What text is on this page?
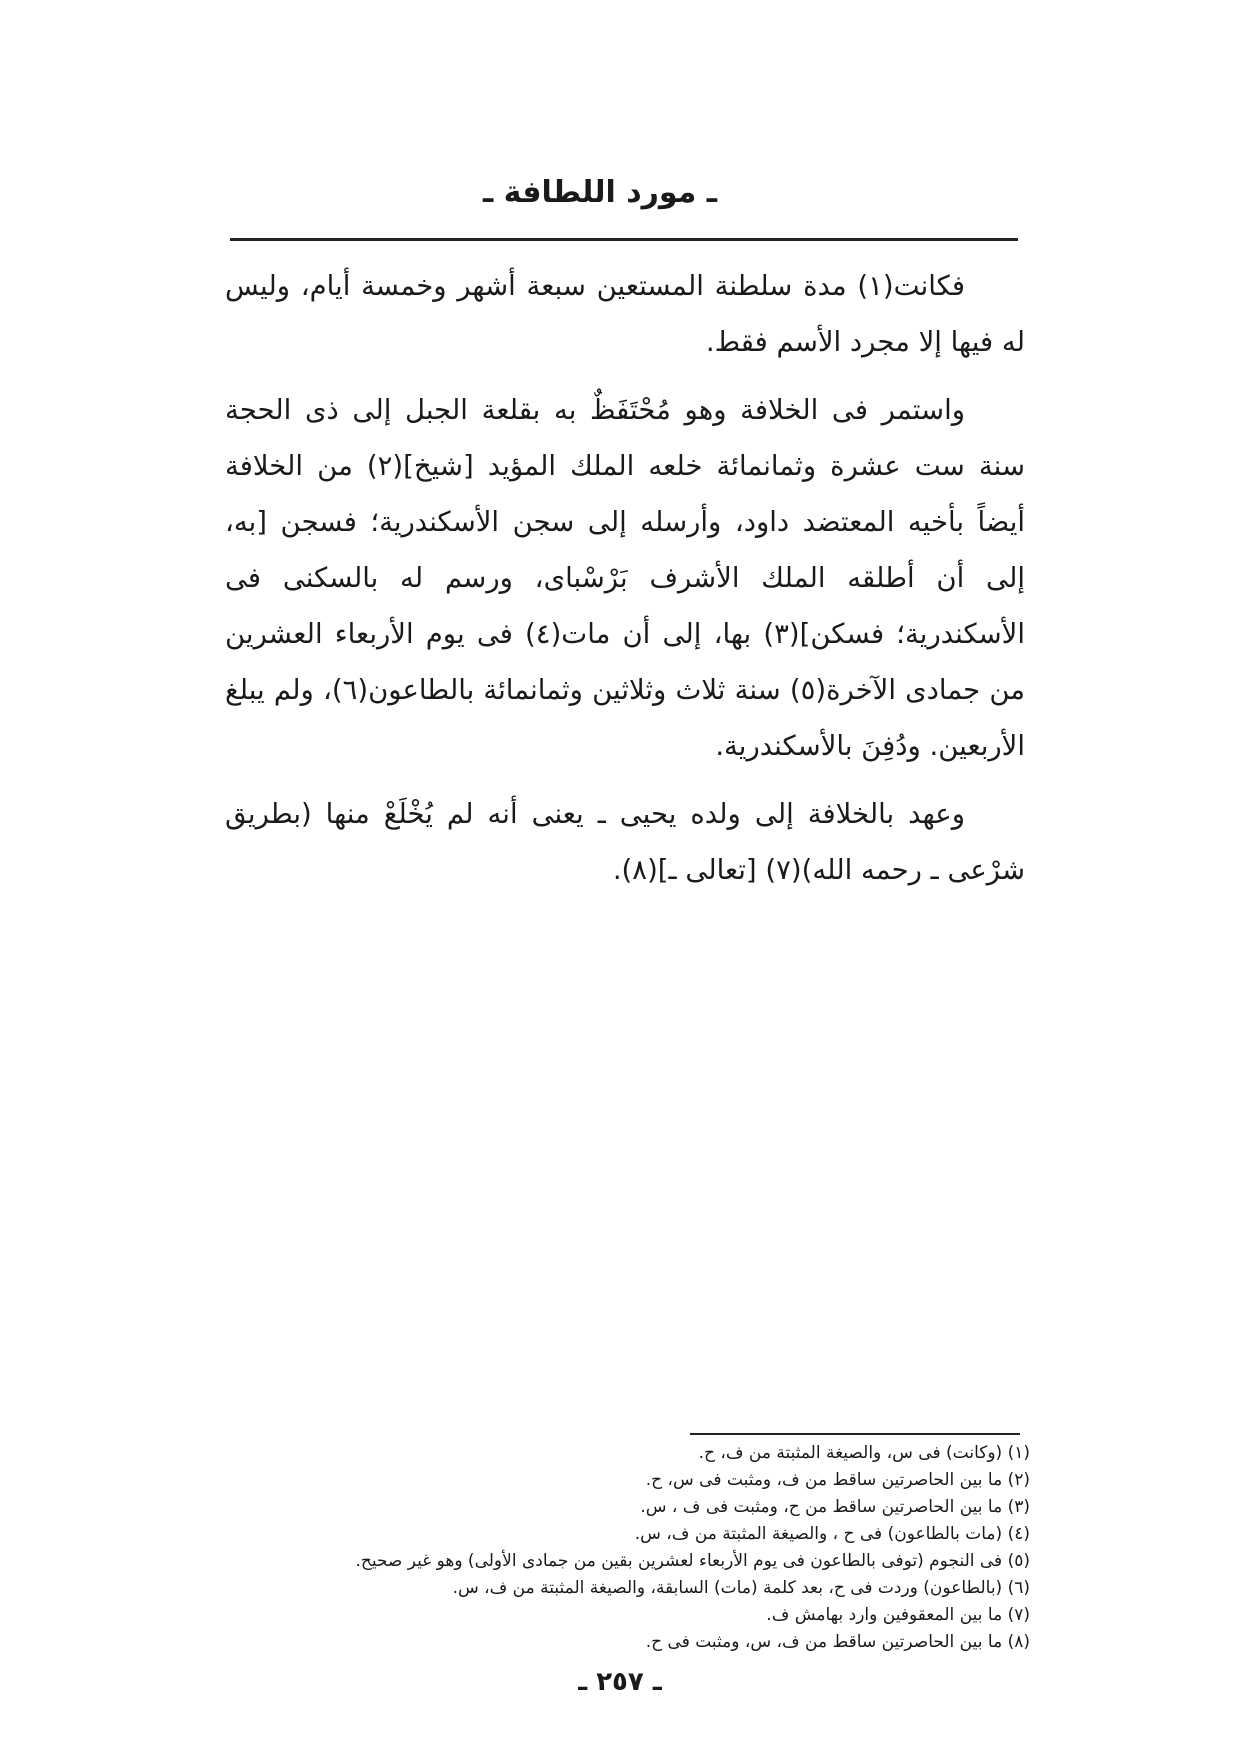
ـ مورد اللطافة ـ

فكانت(١) مدة سلطنة المستعين سبعة أشهر وخمسة أيام، وليس له فيها إلا مجرد الأسم فقط.

واستمر فى الخلافة وهو مُحْتَفَظٌ به بقلعة الجبل إلى ذى الحجة سنة ست عشرة وثمانمائة خلعه الملك المؤيد [شيخ](٢) من الخلافة أيضاً بأخيه المعتضد داود، وأرسله إلى سجن الأسكندرية؛ فسجن [به، إلى أن أطلقه الملك الأشرف بَرْسْباى، ورسم له بالسكنى فى الأسكندرية؛ فسكن](٣) بها، إلى أن مات(٤) فى يوم الأربعاء العشرين من جمادى الآخرة(٥) سنة ثلاث وثلاثين وثمانمائة بالطاعون(٦)، ولم يبلغ الأربعين. ودُفِنَ بالأسكندرية.

وعهد بالخلافة إلى ولده يحيى ـ يعنى أنه لم يُخْلَعْ منها (بطريق شرْعى ـ رحمه الله)(٧) [تعالى ـ](٨).

(١) (وكانت) فى س، والصيغة المثبتة من ف، ح.
(٢) ما بين الحاصرتين ساقط من ف، ومثبت فى س، ح.
(٣) ما بين الحاصرتين ساقط من ح، ومثبت فى ف ، س.
(٤) (مات بالطاعون) فى ح ، والصيغة المثبتة من ف، س.
(٥) فى النجوم (توفى بالطاعون فى يوم الأربعاء لعشرين بقين من جمادى الأولى) وهو غير صحيح.
(٦) (بالطاعون) وردت فى ح، بعد كلمة (مات) السابقة، والصيغة المثبتة من ف، س.
(٧) ما بين المعقوفين وارد بهامش ف.
(٨) ما بين الحاصرتين ساقط من ف، س، ومثبت فى ح.
ـ ٢٥٧ ـ
